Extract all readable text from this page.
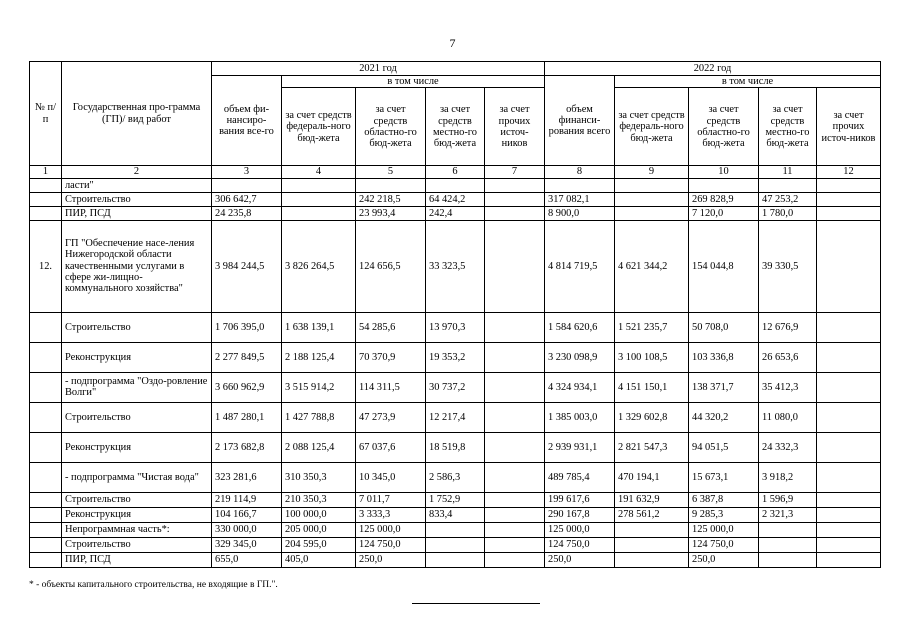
7
№ п/п	Государственная про-грамма (ГП)/ вид работ	2021 год					2022 год				
		объем фи-нансиро-вания все-го	в том числе				объем финанси-рования всего	в том числе			
			за счет средств федераль-ного бюд-жета	за счет средств областно-го бюд-жета	за счет средств местно-го бюд-жета	за счет прочих источ-ников		за счет средств федераль-ного бюд-жета	за счет средств областно-го бюд-жета	за счет средств местно-го бюд-жета	за счет прочих источ-ников
1	2	3	4	5	6	7	8	9	10	11	12
	ласти"										
	Строительство	306 642,7		242 218,5	64 424,2		317 082,1		269 828,9	47 253,2	
	ПИР, ПСД	24 235,8		23 993,4	242,4		8 900,0		7 120,0	1 780,0	
12.	ГП "Обеспечение насе-ления Нижегородской области качественными услугами в сфере жи-лищно-коммунального хозяйства"	3 984 244,5	3 826 264,5	124 656,5	33 323,5		4 814 719,5	4 621 344,2	154 044,8	39 330,5	
	Строительство	1 706 395,0	1 638 139,1	54 285,6	13 970,3		1 584 620,6	1 521 235,7	50 708,0	12 676,9	
	Реконструкция	2 277 849,5	2 188 125,4	70 370,9	19 353,2		3 230 098,9	3 100 108,5	103 336,8	26 653,6	
	- подпрограмма "Оздо-ровление Волги"	3 660 962,9	3 515 914,2	114 311,5	30 737,2		4 324 934,1	4 151 150,1	138 371,7	35 412,3	
	Строительство	1 487 280,1	1 427 788,8	47 273,9	12 217,4		1 385 003,0	1 329 602,8	44 320,2	11 080,0	
	Реконструкция	2 173 682,8	2 088 125,4	67 037,6	18 519,8		2 939 931,1	2 821 547,3	94 051,5	24 332,3	
	- подпрограмма "Чистая вода"	323 281,6	310 350,3	10 345,0	2 586,3		489 785,4	470 194,1	15 673,1	3 918,2	
	Строительство	219 114,9	210 350,3	7 011,7	1 752,9		199 617,6	191 632,9	6 387,8	1 596,9	
	Реконструкция	104 166,7	100 000,0	3 333,3	833,4		290 167,8	278 561,2	9 285,3	2 321,3	
	Непрограммная часть*:	330 000,0	205 000,0	125 000,0			125 000,0		125 000,0		
	Строительство	329 345,0	204 595,0	124 750,0			124 750,0		124 750,0		
	ПИР, ПСД	655,0	405,0	250,0			250,0		250,0		
* - объекты капитального строительства, не входящие в ГП.".
